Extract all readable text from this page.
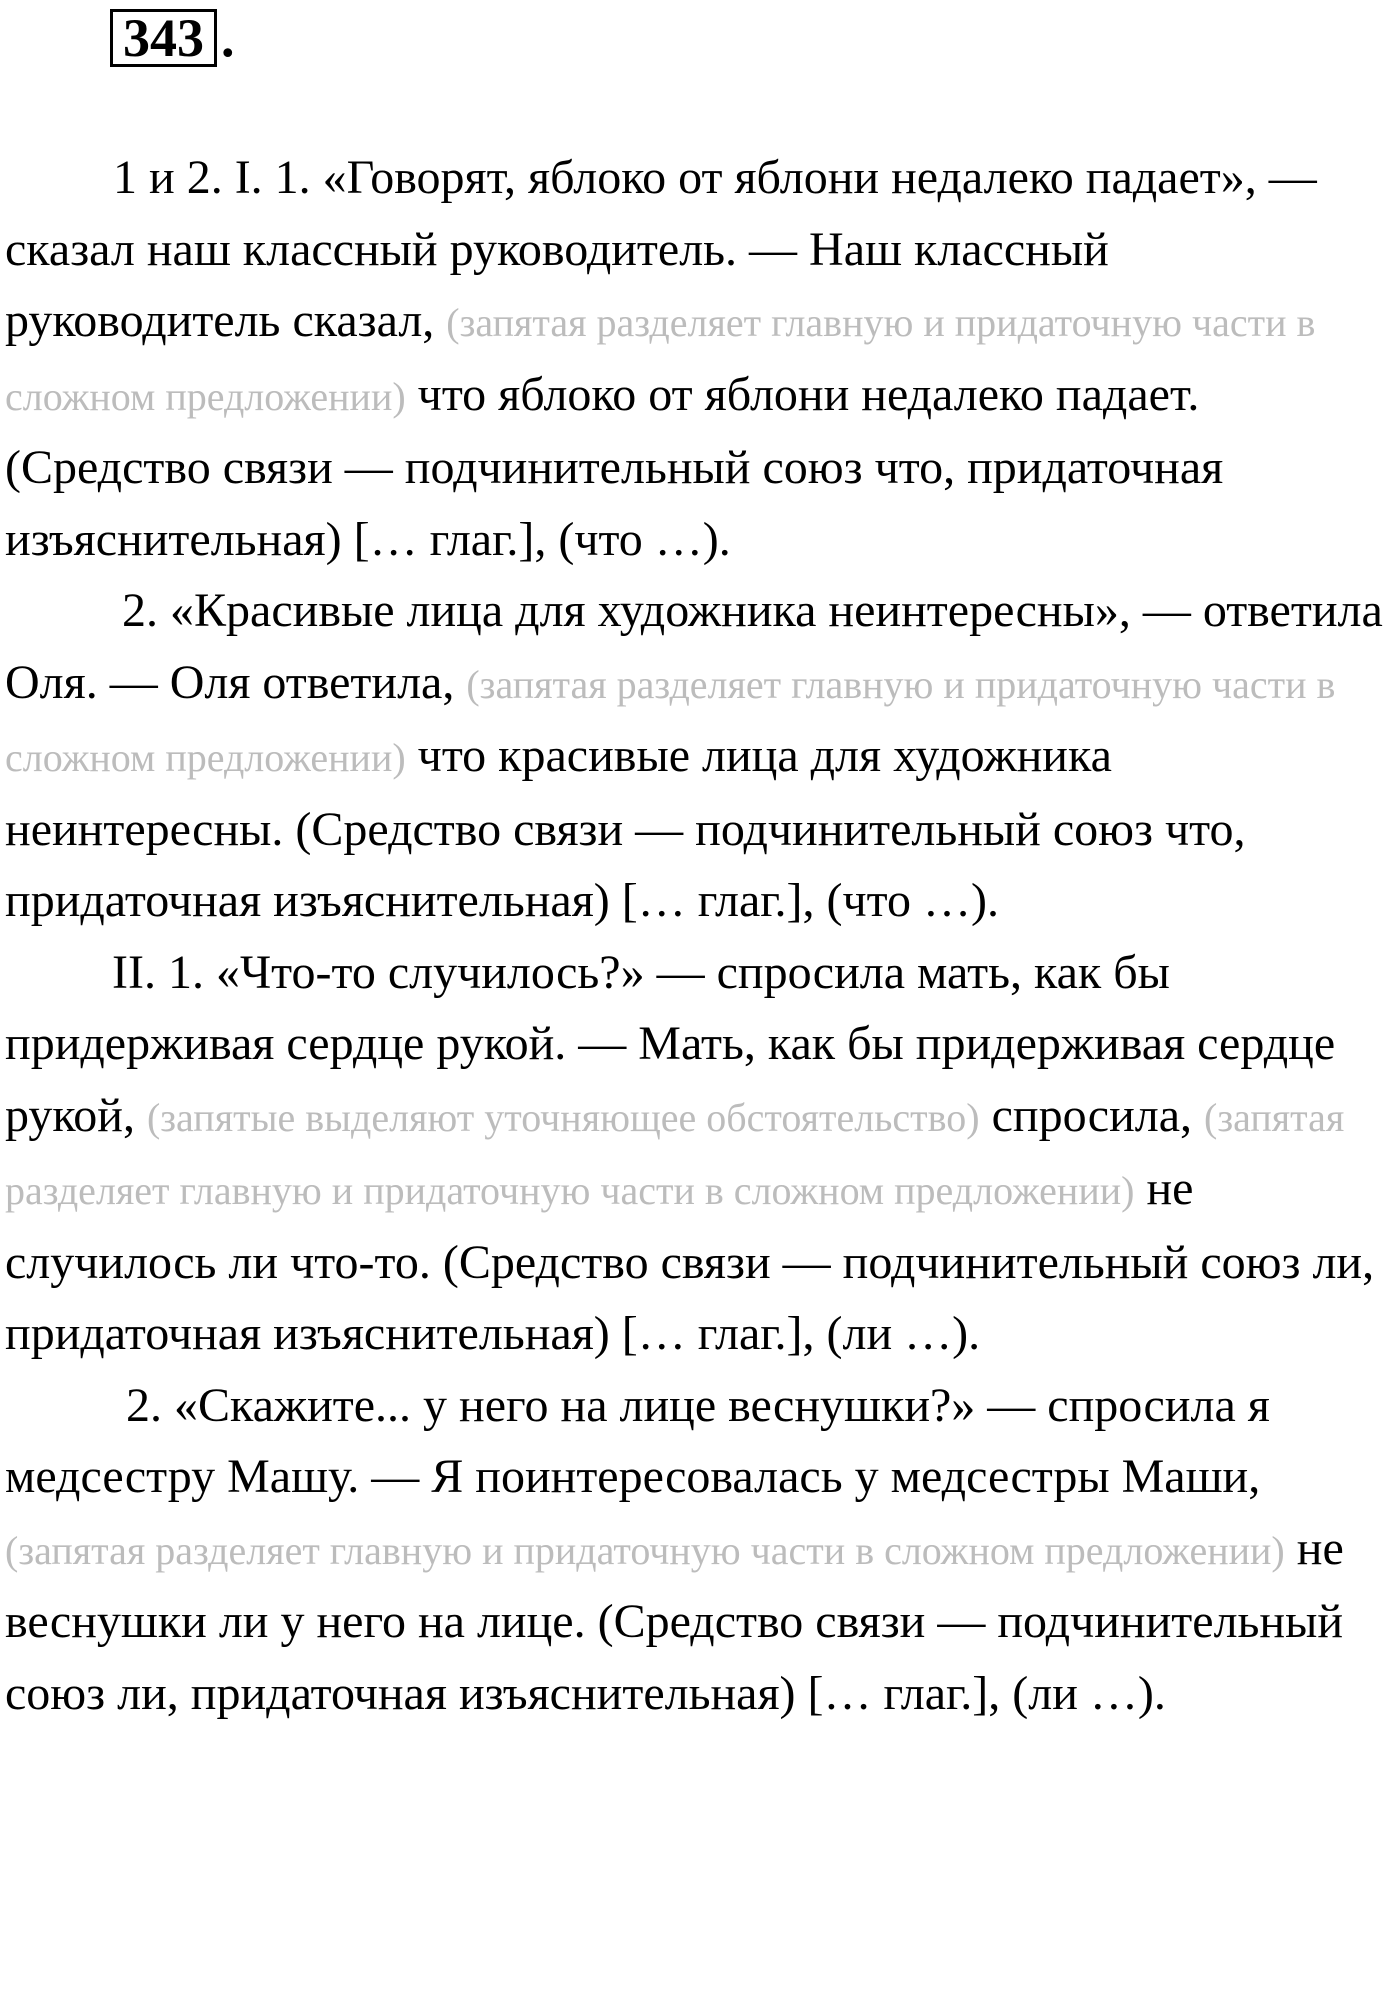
343 .

1 и 2. I. 1. «Говорят, яблоко от яблони недалеко падает», — сказал наш классный руководитель. — Наш классный руководитель сказал, (запятая разделяет главную и придаточную части в сложном предложении) что яблоко от яблони недалеко падает. (Средство связи — подчинительный союз что, придаточная изъяснительная) [… глаг.], (что …).

2. «Красивые лица для художника неинтересны», — ответила Оля. — Оля ответила, (запятая разделяет главную и придаточную части в сложном предложении) что красивые лица для художника неинтересны. (Средство связи — подчинительный союз что, придаточная изъяснительная) [… глаг.], (что …).

II. 1. «Что-то случилось?» — спросила мать, как бы придерживая сердце рукой. — Мать, как бы придерживая сердце рукой, (запятые выделяют уточняющее обстоятельство) спросила, (запятая разделяет главную и придаточную части в сложном предложении) не случилось ли что-то. (Средство связи — подчинительный союз ли, придаточная изъяснительная) [… глаг.], (ли …).

2. «Скажите... у него на лице веснушки?» — спросила я медсестру Машу. — Я поинтересовалась у медсестры Маши, (запятая разделяет главную и придаточную части в сложном предложении) не веснушки ли у него на лице. (Средство связи — подчинительный союз ли, придаточная изъяснительная) [… глаг.], (ли …).
